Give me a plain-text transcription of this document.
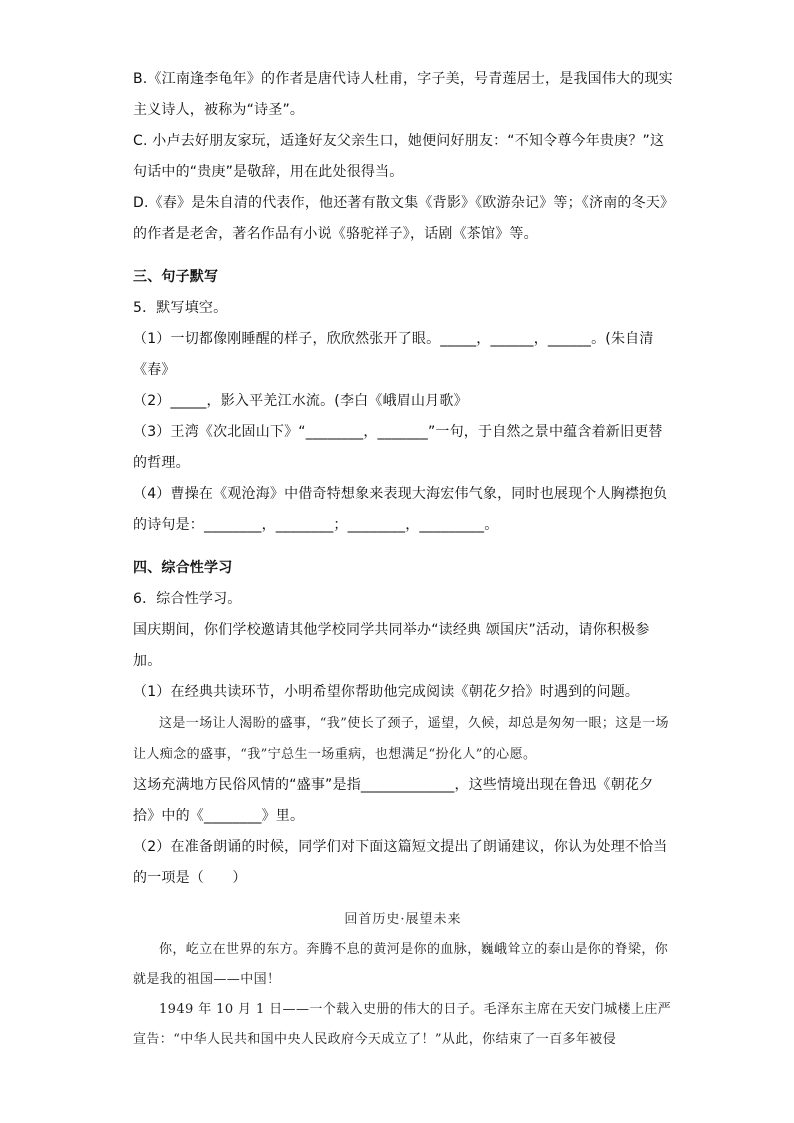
B.《江南逢李龟年》的作者是唐代诗人杜甫，字子美，号青莲居士，是我国伟大的现实主义诗人，被称为“诗圣”。

C. 小卢去好朋友家玩，适逢好友父亲生口，她便问好朋友：“不知令尊今年贵庚？”这句话中的“贵庚”是敬辞，用在此处很得当。

D.《春》是朱自清的代表作，他还著有散文集《背影》《欧游杂记》等；《济南的冬天》的作者是老舍，著名作品有小说《骆驼祥子》，话剧《茶馆》等。

三、句子默写

5．默写填空。

（1）一切都像刚睡醒的样子，欣欣然张开了眼。_____，______，______。(朱自清《春》

（2）_____，影入平羌江水流。(李白《峨眉山月歌》

（3）王湾《次北固山下》“________，_______”一句，于自然之景中蕴含着新旧更替的哲理。

（4）曹操在《观沧海》中借奇特想象来表现大海宏伟气象，同时也展现个人胸襟抱负的诗句是：________，________；________，_________。

四、综合性学习

6．综合性学习。

国庆期间，你们学校邀请其他学校同学共同举办“读经典 颂国庆”活动，请你积极参加。

（1）在经典共读环节，小明希望你帮助他完成阅读《朝花夕拾》时遇到的问题。

这是一场让人渴盼的盛事，“我”使长了颈子，遥望，久候，却总是匆匆一眼；这是一场让人痴念的盛事，“我”宁总生一场重病，也想满足“扮化人”的心愿。

这场充满地方民俗风情的“盛事”是指_____________，这些情境出现在鲁迅《朝花夕拾》中的《________》里。

（2）在准备朗诵的时候，同学们对下面这篇短文提出了朗诵建议，你认为处理不恰当的一项是（　　）

回首历史·展望未来

你，屹立在世界的东方。奔腾不息的黄河是你的血脉，巍峨耸立的泰山是你的脊梁，你就是我的祖国——中国！

1949 年 10 月 1 日——一个载入史册的伟大的日子。毛泽东主席在天安门城楼上庄严宣告：“中华人民共和国中央人民政府今天成立了！”从此，你结束了一百多年被侵
